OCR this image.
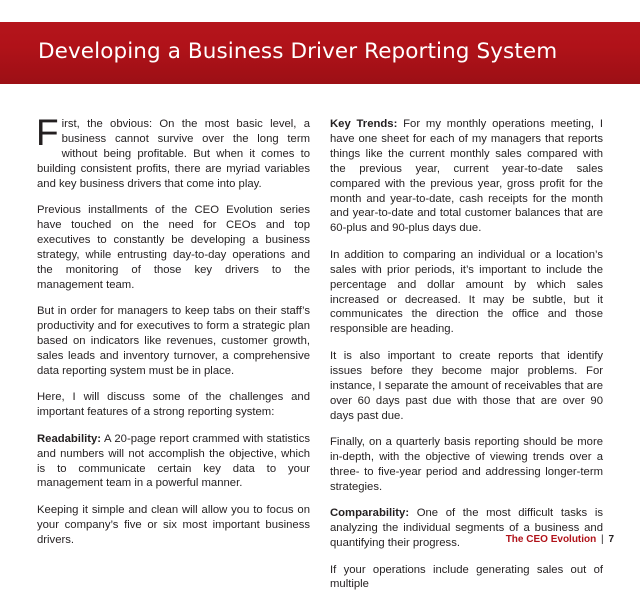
Developing a Business Driver Reporting System

First, the obvious: On the most basic level, a business cannot survive over the long term without being profitable. But when it comes to building consistent profits, there are myriad variables and key business drivers that come into play.

Previous installments of the CEO Evolution series have touched on the need for CEOs and top executives to constantly be developing a business strategy, while entrusting day-to-day operations and the monitoring of those key drivers to the management team.

But in order for managers to keep tabs on their staff’s productivity and for executives to form a strategic plan based on indicators like revenues, customer growth, sales leads and inventory turnover, a comprehensive data reporting system must be in place.

Here, I will discuss some of the challenges and important features of a strong reporting system:

Readability: A 20-page report crammed with statistics and numbers will not accomplish the objective, which is to communicate certain key data to your management team in a powerful manner.

Keeping it simple and clean will allow you to focus on your company’s five or six most important business drivers.

Key Trends: For my monthly operations meeting, I have one sheet for each of my managers that reports things like the current monthly sales compared with the previous year, current year-to-date sales compared with the previous year, gross profit for the month and year-to-date, cash receipts for the month and year-to-date and total customer balances that are 60-plus and 90-plus days due.

In addition to comparing an individual or a location’s sales with prior periods, it’s important to include the percentage and dollar amount by which sales increased or decreased. It may be subtle, but it communicates the direction the office and those responsible are heading.

It is also important to create reports that identify issues before they become major problems. For instance, I separate the amount of receivables that are over 60 days past due with those that are over 90 days past due.

Finally, on a quarterly basis reporting should be more in-depth, with the objective of viewing trends over a three- to five-year period and addressing longer-term strategies.

Comparability: One of the most difficult tasks is analyzing the individual segments of a business and quantifying their progress.

If your operations include generating sales out of multiple

The CEO Evolution | 7
